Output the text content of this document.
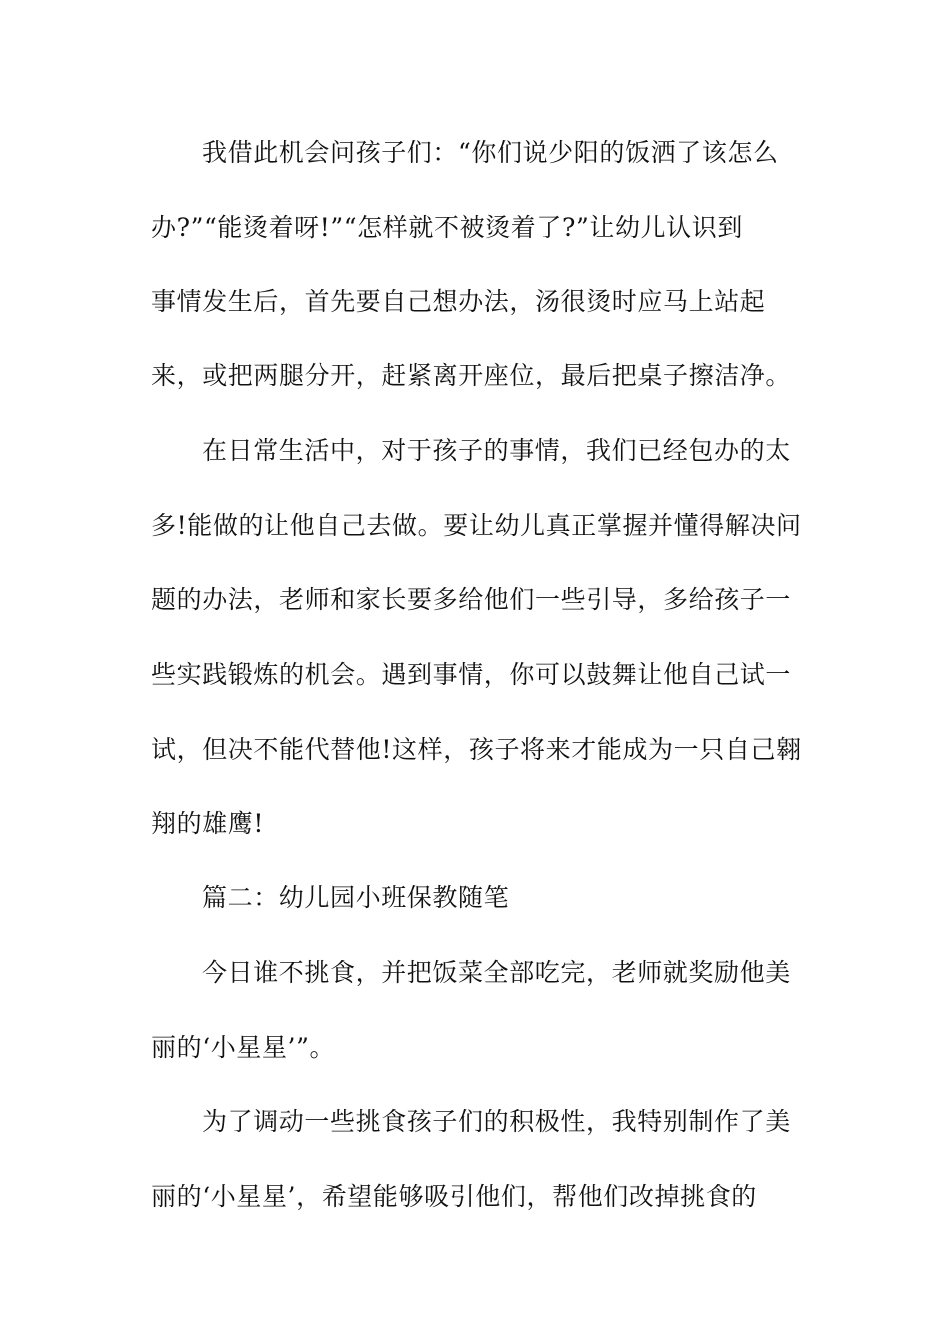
我借此机会问孩子们：“你们说少阳的饭洒了该怎么
办?”“能烫着呀!”“怎样就不被烫着了?”让幼儿认识到
事情发生后，首先要自己想办法，汤很烫时应马上站起
来，或把两腿分开，赶紧离开座位，最后把桌子擦洁净。
在日常生活中，对于孩子的事情，我们已经包办的太
多!能做的让他自己去做。要让幼儿真正掌握并懂得解决问
题的办法，老师和家长要多给他们一些引导，多给孩子一
些实践锻炼的机会。遇到事情，你可以鼓舞让他自己试一
试，但决不能代替他!这样，孩子将来才能成为一只自己翱
翔的雄鹰!
篇二：幼儿园小班保教随笔
今日谁不挑食，并把饭菜全部吃完，老师就奖励他美
丽的‘小星星’”。
为了调动一些挑食孩子们的积极性，我特别制作了美
丽的‘小星星’，希望能够吸引他们，帮他们改掉挑食的
